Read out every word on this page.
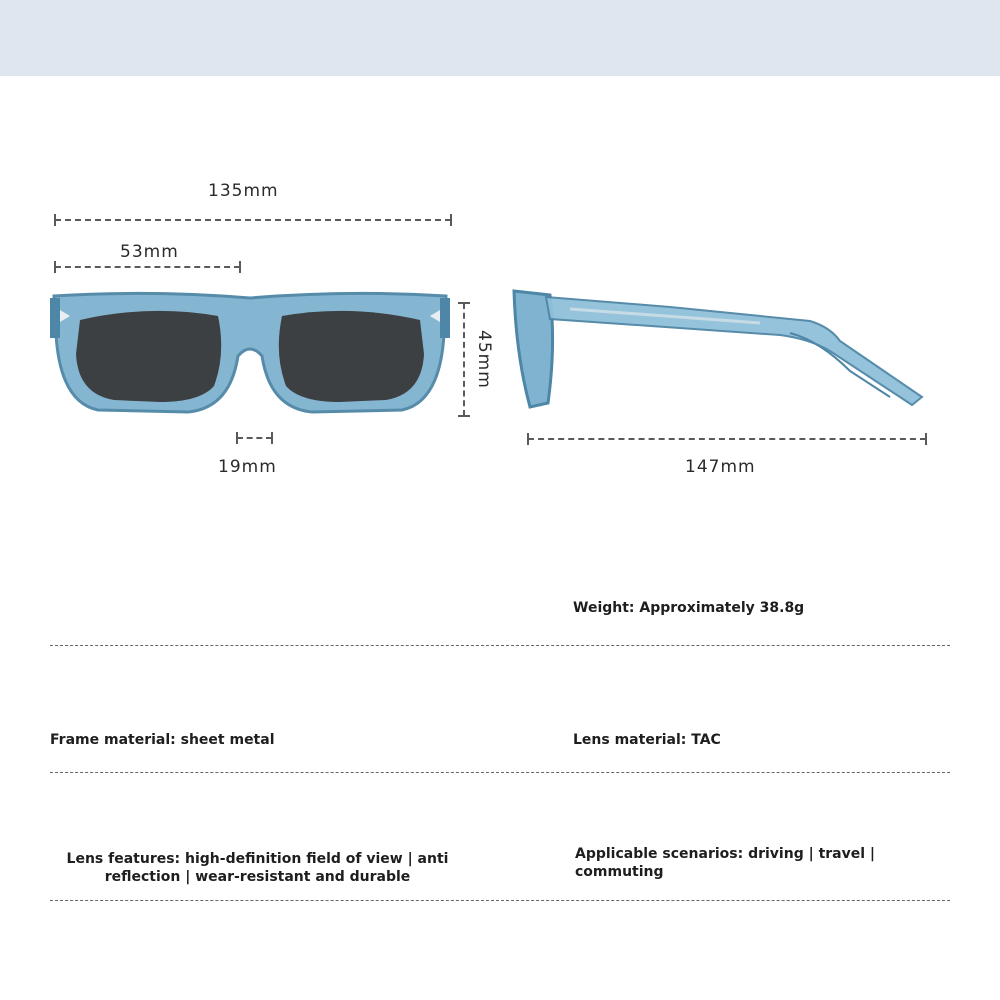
135mm
53mm
45mm
19mm	147mm
Weight: Approximately 38.8g
Frame material: sheet metal	Lens material: TAC
Lens features: high-definition field of view | anti
reflection | wear-resistant and durable
Applicable scenarios: driving | travel |
commuting
